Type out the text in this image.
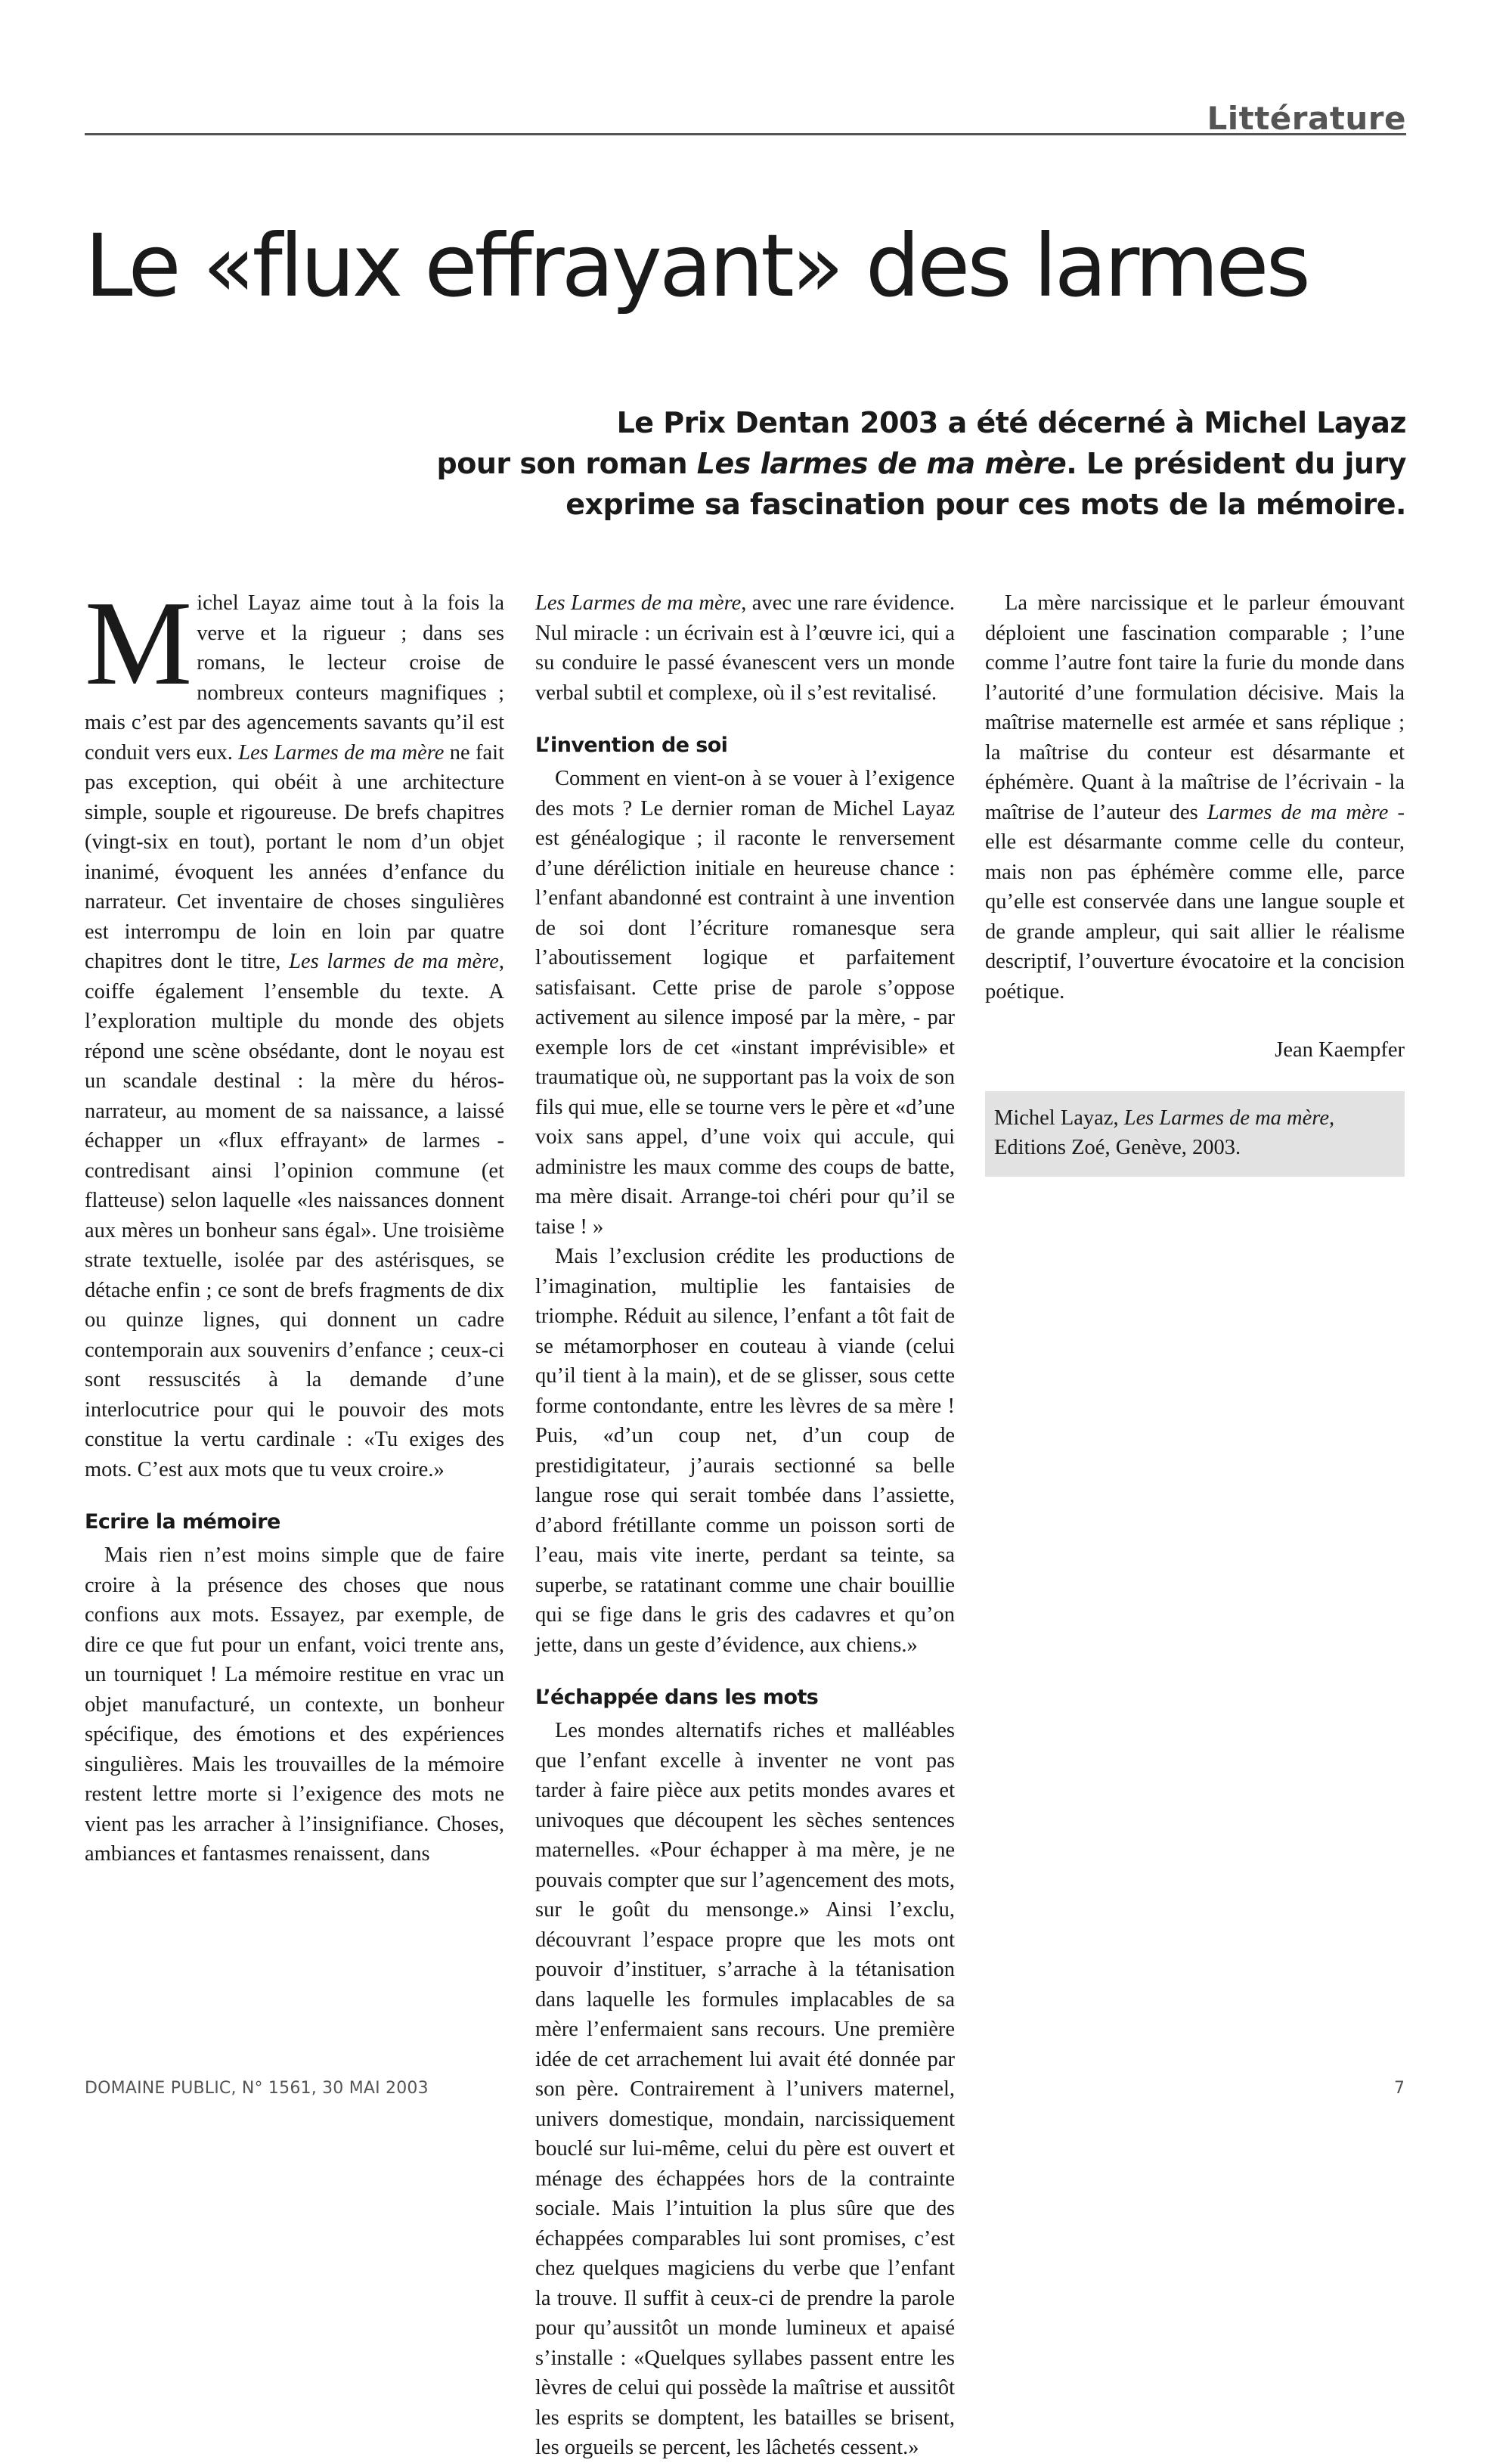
Littérature
Le «flux effrayant» des larmes
Le Prix Dentan 2003 a été décerné à Michel Layaz
pour son roman Les larmes de ma mère. Le président du jury
exprime sa fascination pour ces mots de la mémoire.

Michel Layaz aime tout à la fois la verve et la rigueur ; dans ses romans, le lecteur croise de nombreux conteurs magnifiques ; mais c’est par des agencements savants qu’il est conduit vers eux. Les Larmes de ma mère ne fait pas exception, qui obéit à une architecture simple, souple et rigoureuse. De brefs chapitres (vingt-six en tout), portant le nom d’un objet inanimé, évoquent les années d’enfance du narrateur. Cet inventaire de choses singulières est interrompu de loin en loin par quatre chapitres dont le titre, Les larmes de ma mère, coiffe également l’ensemble du texte. A l’exploration multiple du monde des objets répond une scène obsédante, dont le noyau est un scandale destinal : la mère du héros-narrateur, au moment de sa naissance, a laissé échapper un «flux effrayant» de larmes - contredisant ainsi l’opinion commune (et flatteuse) selon laquelle «les naissances donnent aux mères un bonheur sans égal». Une troisième strate textuelle, isolée par des astérisques, se détache enfin ; ce sont de brefs fragments de dix ou quinze lignes, qui donnent un cadre contemporain aux souvenirs d’enfance ; ceux-ci sont ressuscités à la demande d’une interlocutrice pour qui le pouvoir des mots constitue la vertu cardinale : «Tu exiges des mots. C’est aux mots que tu veux croire.»

Ecrire la mémoire

Mais rien n’est moins simple que de faire croire à la présence des choses que nous confions aux mots. Essayez, par exemple, de dire ce que fut pour un enfant, voici trente ans, un tourniquet ! La mémoire restitue en vrac un objet manufacturé, un contexte, un bonheur spécifique, des émotions et des expériences singulières. Mais les trouvailles de la mémoire restent lettre morte si l’exigence des mots ne vient pas les arracher à l’insignifiance. Choses, ambiances et fantasmes renaissent, dans

Les Larmes de ma mère, avec une rare évidence. Nul miracle : un écrivain est à l’œuvre ici, qui a su conduire le passé évanescent vers un monde verbal subtil et complexe, où il s’est revitalisé.

L’invention de soi

Comment en vient-on à se vouer à l’exigence des mots ? Le dernier roman de Michel Layaz est généalogique ; il raconte le renversement d’une déréliction initiale en heureuse chance : l’enfant abandonné est contraint à une invention de soi dont l’écriture romanesque sera l’aboutissement logique et parfaitement satisfaisant. Cette prise de parole s’oppose activement au silence imposé par la mère, - par exemple lors de cet «instant imprévisible» et traumatique où, ne supportant pas la voix de son fils qui mue, elle se tourne vers le père et «d’une voix sans appel, d’une voix qui accule, qui administre les maux comme des coups de batte, ma mère disait. Arrange-toi chéri pour qu’il se taise ! »

Mais l’exclusion crédite les productions de l’imagination, multiplie les fantaisies de triomphe. Réduit au silence, l’enfant a tôt fait de se métamorphoser en couteau à viande (celui qu’il tient à la main), et de se glisser, sous cette forme contondante, entre les lèvres de sa mère ! Puis, «d’un coup net, d’un coup de prestidigitateur, j’aurais sectionné sa belle langue rose qui serait tombée dans l’assiette, d’abord frétillante comme un poisson sorti de l’eau, mais vite inerte, perdant sa teinte, sa superbe, se ratatinant comme une chair bouillie qui se fige dans le gris des cadavres et qu’on jette, dans un geste d’évidence, aux chiens.»

L’échappée dans les mots

Les mondes alternatifs riches et malléables que l’enfant excelle à inventer ne vont pas tarder à faire pièce aux petits mondes avares et univoques que découpent les sèches sentences maternelles. «Pour échapper à ma mère, je ne pouvais compter que sur l’agencement des mots, sur le goût du mensonge.» Ainsi l’exclu, découvrant l’espace propre que les mots ont pouvoir d’instituer, s’arrache à la tétanisation dans laquelle les formules implacables de sa mère l’enfermaient sans recours. Une première idée de cet arrachement lui avait été donnée par son père. Contrairement à l’univers maternel, univers domestique, mondain, narcissiquement bouclé sur lui-même, celui du père est ouvert et ménage des échappées hors de la contrainte sociale. Mais l’intuition la plus sûre que des échappées comparables lui sont promises, c’est chez quelques magiciens du verbe que l’enfant la trouve. Il suffit à ceux-ci de prendre la parole pour qu’aussitôt un monde lumineux et apaisé s’installe : «Quelques syllabes passent entre les lèvres de celui qui possède la maîtrise et aussitôt les esprits se domptent, les batailles se brisent, les orgueils se percent, les lâchetés cessent.»

La mère narcissique et le parleur émouvant déploient une fascination comparable ; l’une comme l’autre font taire la furie du monde dans l’autorité d’une formulation décisive. Mais la maîtrise maternelle est armée et sans réplique ; la maîtrise du conteur est désarmante et éphémère. Quant à la maîtrise de l’écrivain - la maîtrise de l’auteur des Larmes de ma mère - elle est désarmante comme celle du conteur, mais non pas éphémère comme elle, parce qu’elle est conservée dans une langue souple et de grande ampleur, qui sait allier le réalisme descriptif, l’ouverture évocatoire et la concision poétique.

Jean Kaempfer
Michel Layaz, Les Larmes de ma mère,
Editions Zoé, Genève, 2003.
DOMAINE PUBLIC, N° 1561, 30 MAI 2003	7
